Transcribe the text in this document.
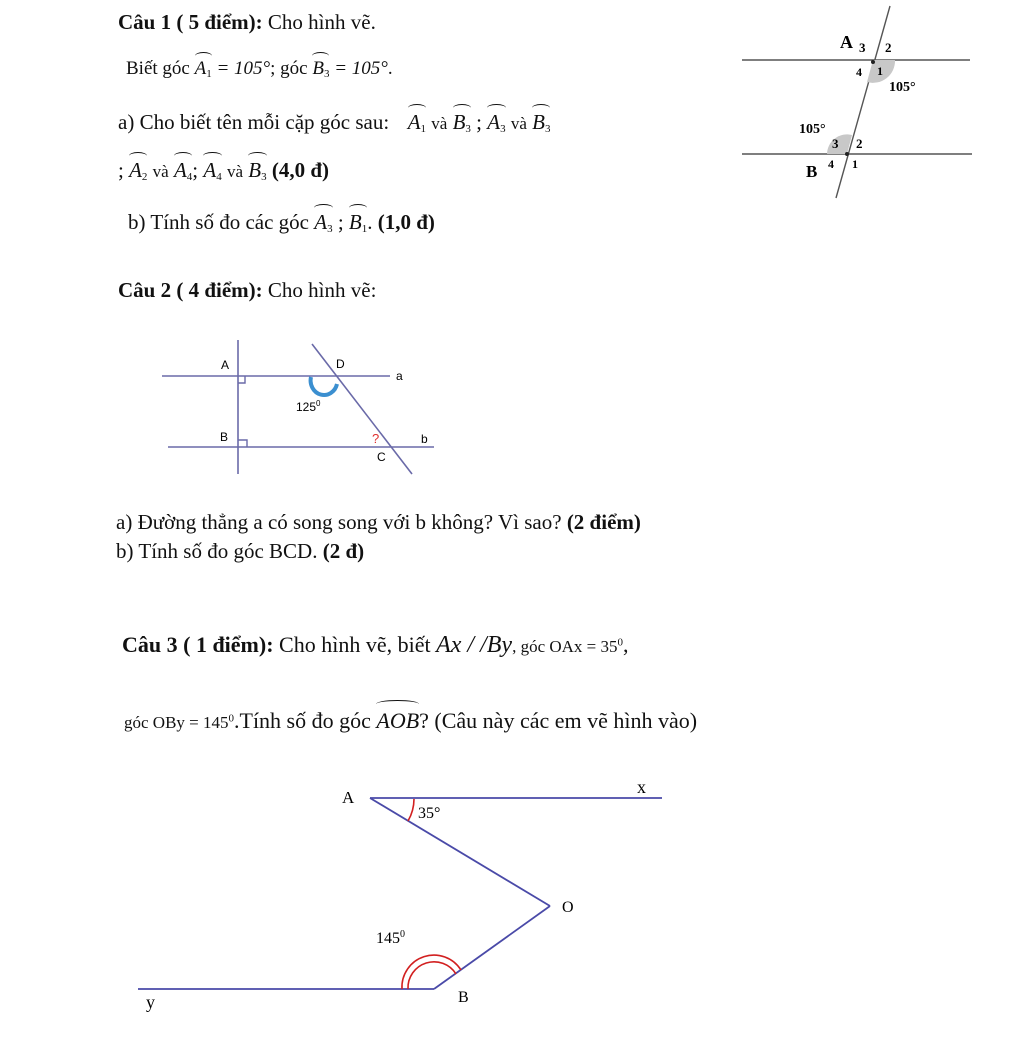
Câu 1 ( 5 điểm): Cho hình vẽ.
Biết góc $A_1 = 105^\circ$; góc $B_3 = 105^\circ$.
a) Cho biết tên mỗi cặp góc sau: $A_1$ và $B_3$ ; $A_3$ và $B_3$
; $A_2$ và $A_4$; $A_4$ và $B_3$ (4,0 đ)
b) Tính số đo các góc $A_3$ ; $B_1$. (1,0 đ)
A 3 2
4 1
105°
105°
3 2
B 4 1
Câu 2 ( 4 điểm): Cho hình vẽ:
A	D
a
$125^0$
B	?	b
C
a) Đường thẳng a có song song với b không? Vì sao? (2 điểm)
b) Tính số đo góc BCD. (2 đ)
Câu 3 ( 1 điểm): Cho hình vẽ, biết Ax / /By, góc OAx = $35^0$,
góc OBy = $145^0.Tính$ số đo góc AOB? (Câu này các em vẽ hình vào)
A
35°
x
O
$145^0$
B
y
